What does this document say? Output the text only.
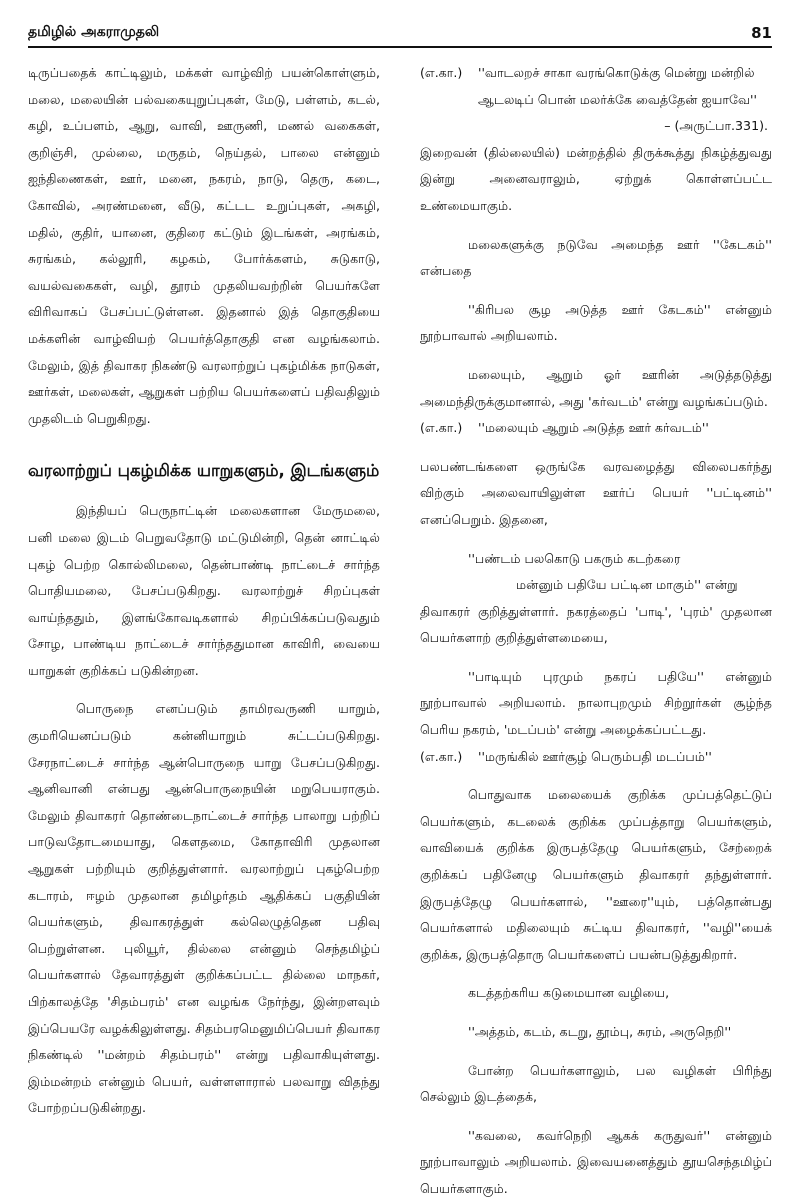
தமிழில் அகராமுதலி	81

டிருப்பதைக் காட்டிலும், மக்கள் வாழ்விற் பயன்கொள்ளும், மலை, மலையின் பல்வகையுறுப்புகள், மேடு, பள்ளம், கடல், கழி, உப்பளம், ஆறு, வாவி, ஊருணி, மணல் வகைகள், குறிஞ்சி, முல்லை, மருதம், நெய்தல், பாலை என்னும் ஐந்திணைகள், ஊர், மனை, நகரம், நாடு, தெரு, கடை, கோவில், அரண்மனை, வீடு, கட்டட உறுப்புகள், அகழி, மதில், குதிர், யானை, குதிரை கட்டும் இடங்கள், அரங்கம், சுரங்கம், கல்லூரி, கழகம், போர்க்களம், சுடுகாடு, வயல்வகைகள், வழி, தூரம் முதலியவற்றின் பெயர்களே விரிவாகப் பேசப்பட்டுள்ளன. இதனால் இத் தொகுதியை மக்களின் வாழ்வியற் பெயர்த்தொகுதி என வழங்கலாம். மேலும், இத் திவாகர நிகண்டு வரலாற்றுப் புகழ்மிக்க நாடுகள், ஊர்கள், மலைகள், ஆறுகள் பற்றிய பெயர்களைப் பதிவதிலும் முதலிடம் பெறுகிறது.

வரலாற்றுப் புகழ்மிக்க யாறுகளும், இடங்களும்

இந்தியப் பெருநாட்டின் மலைகளான மேருமலை, பனி மலை இடம் பெறுவதோடு மட்டுமின்றி, தென் னாட்டில் புகழ் பெற்ற கொல்லிமலை, தென்பாண்டி நாட்டைச் சார்ந்த பொதியமலை, பேசப்படுகிறது. வரலாற்றுச் சிறப்புகள் வாய்ந்ததும், இளங்கோவடிகளால் சிறப்பிக்கப்படுவதும் சோழ, பாண்டிய நாட்டைச் சார்ந்ததுமான காவிரி, வையை யாறுகள் குறிக்கப் படுகின்றன.

பொருநை எனப்படும் தாமிரவருணி யாறும், குமரியெனப்படும் கன்னியாறும் சுட்டப்படுகிறது. சேரநாட்டைச் சார்ந்த ஆன்பொருநை யாறு பேசப்படுகிறது. ஆனிவானி என்பது ஆன்பொருநையின் மறுபெயராகும். மேலும் திவாகரர் தொண்டைநாட்டைச் சார்ந்த பாலாறு பற்றிப் பாடுவதோடமையாது, கௌதமை, கோதாவிரி முதலான ஆறுகள் பற்றியும் குறித்துள்ளார். வரலாற்றுப் புகழ்பெற்ற கடாரம், ஈழம் முதலான தமிழர்தம் ஆதிக்கப் பகுதியின் பெயர்களும், திவாகரத்துள் கல்லெழுத்தென பதிவு பெற்றுள்ளன. புலியூர், தில்லை என்னும் செந்தமிழ்ப் பெயர்களால் தேவாரத்துள் குறிக்கப்பட்ட தில்லை மாநகர், பிற்காலத்தே 'சிதம்பரம்' என வழங்க நேர்ந்து, இன்றளவும் இப்பெயரே வழக்கிலுள்ளது. சிதம்பரமெனுமிப்பெயர் திவாகர நிகண்டில் ''மன்றம் சிதம்பரம்'' என்று பதிவாகியுள்ளது. இம்மன்றம் என்னும் பெயர், வள்ளளாரால் பலவாறு விதந்து போற்றப்படுகின்றது.

(எ.கா.)	''வாடலறச் சாகா வரங்கொடுக்கு மென்று மன்றில்
ஆடலடிப் பொன் மலர்க்கே வைத்தேன் ஐயாவே''
– (அருட்பா.331).

இறைவன் (தில்லையில்) மன்றத்தில் திருக்கூத்து நிகழ்த்துவது இன்று அனைவராலும், ஏற்றுக் கொள்ளப்பட்ட உண்மையாகும்.

மலைகளுக்கு நடுவே அமைந்த ஊர் ''கேடகம்'' என்பதை

''கிரிபல சூழ அடுத்த ஊர் கேடகம்'' என்னும் நூற்பாவால் அறியலாம்.

மலையும், ஆறும் ஓர் ஊரின் அடுத்தடுத்து அமைந்திருக்குமானால், அது 'கர்வடம்' என்று வழங்கப்படும்.

(எ.கா.)	''மலையும் ஆறும் அடுத்த ஊர் கர்வடம்''

பலபண்டங்களை ஒருங்கே வரவழைத்து விலைபகர்ந்து விற்கும் அலைவாயிலுள்ள ஊர்ப் பெயர் ''பட்டினம்'' எனப்பெறும். இதனை,

''பண்டம் பலகொடு பகரும் கடற்கரை
மன்னும் பதியே பட்டின மாகும்'' என்று

திவாகரர் குறித்துள்ளார். நகரத்தைப் 'பாடி', 'புரம்' முதலான பெயர்களாற் குறித்துள்ளமையை,

''பாடியும் புரமும் நகரப் பதியே'' என்னும் நூற்பாவால் அறியலாம். நாலாபுறமும் சிற்றூர்கள் சூழ்ந்த பெரிய நகரம், 'மடப்பம்' என்று அழைக்கப்பட்டது.

(எ.கா.)	''மருங்கில் ஊர்சூழ் பெரும்பதி மடப்பம்''

பொதுவாக மலையைக் குறிக்க முப்பத்தெட்டுப் பெயர்களும், கடலைக் குறிக்க முப்பத்தாறு பெயர்களும், வாவியைக் குறிக்க இருபத்தேழு பெயர்களும், சேற்றைக் குறிக்கப் பதினேழு பெயர்களும் திவாகரர் தந்துள்ளார். இருபத்தேழு பெயர்களால், ''ஊரை''யும், பத்தொன்பது பெயர்களால் மதிலையும் சுட்டிய திவாகரர், ''வழி''யைக் குறிக்க, இருபத்தொரு பெயர்களைப் பயன்படுத்துகிறார்.

கடத்தற்கரிய கடுமையான வழியை,

''அத்தம், கடம், கடறு, தூம்பு, சுரம், அருநெறி''

போன்ற பெயர்களாலும், பல வழிகள் பிரிந்து செல்லும் இடத்தைக்,

''கவலை, கவர்நெறி ஆகக் கருதுவர்'' என்னும் நூற்பாவாலும் அறியலாம். இவையனைத்தும் தூயசெந்தமிழ்ப் பெயர்களாகும்.
